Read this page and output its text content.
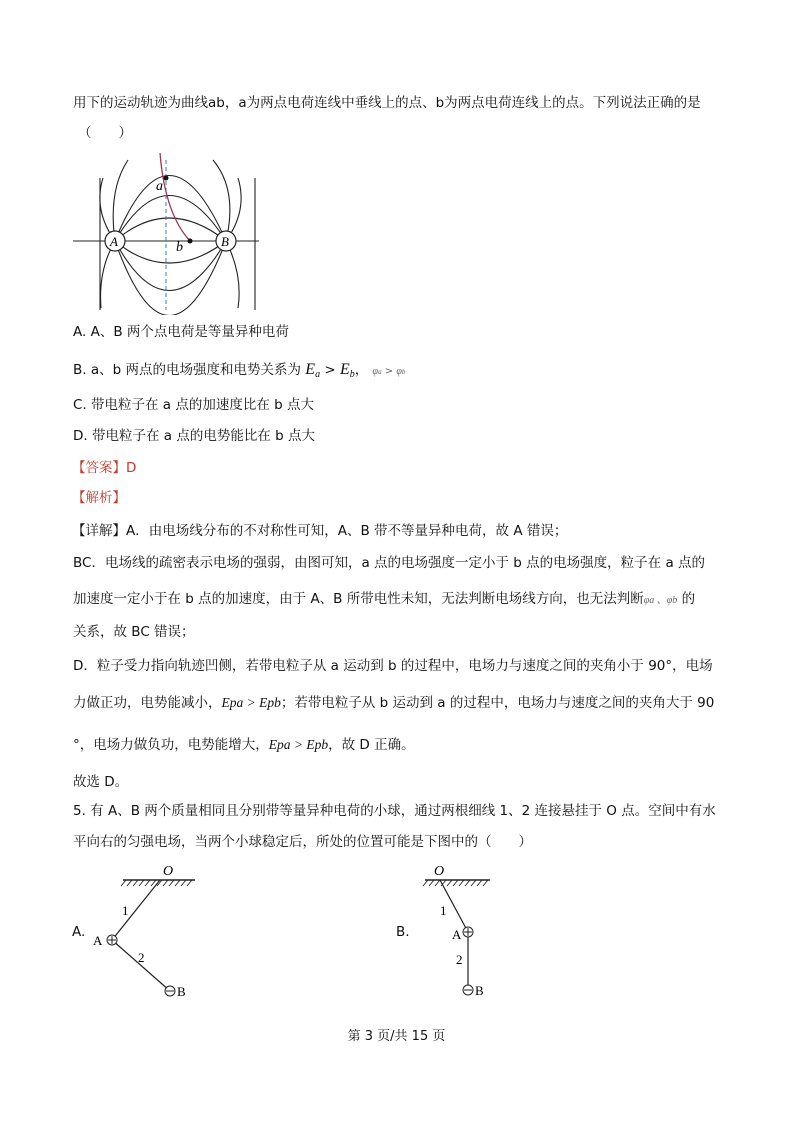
用下的运动轨迹为曲线ab，a为两点电荷连线中垂线上的点、b为两点电荷连线上的点。下列说法正确的是
（　　）
a
b
A	B
A. A、B 两个点电荷是等量异种电荷
B. a、b 两点的电场强度和电势关系为 $E_a > E_b$， φa > φb
C. 带电粒子在 a 点的加速度比在 b 点大
D. 带电粒子在 a 点的电势能比在 b 点大
【答案】D
【解析】
【详解】A．由电场线分布的不对称性可知，A、B 带不等量异种电荷，故 A 错误；
BC．电场线的疏密表示电场的强弱，由图可知，a 点的电场强度一定小于 b 点的电场强度，粒子在 a 点的
加速度一定小于在 b 点的加速度，由于 A、B 所带电性未知，无法判断电场线方向，也无法判断φa 、φb 的
关系，故 BC 错误；
D．粒子受力指向轨迹凹侧，若带电粒子从 a 运动到 b 的过程中，电场力与速度之间的夹角小于 90°，电场
力做正功，电势能减小，Epa > Epb；若带电粒子从 b 运动到 a 的过程中，电场力与速度之间的夹角大于 90
°，电场力做负功，电势能增大，Epa > Epb，故 D 正确。
故选 D。
5. 有 A、B 两个质量相同且分别带等量异种电荷的小球，通过两根细线 1、2 连接悬挂于 O 点。空间中有水
平向右的匀强电场，当两个小球稳定后，所处的位置可能是下图中的（　　）
A.
O
1
2
A
B
B.
O
1
2
A
B
第 3 页/共 15 页
